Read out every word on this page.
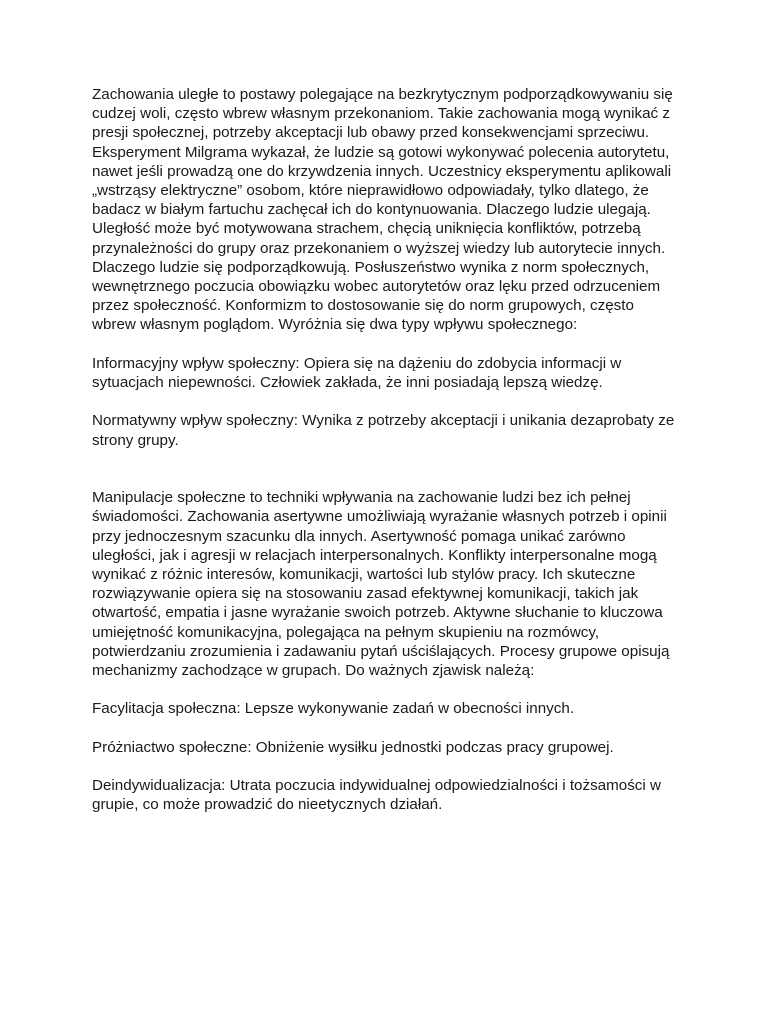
Zachowania uległe to postawy polegające na bezkrytycznym podporządkowywaniu się cudzej woli, często wbrew własnym przekonaniom. Takie zachowania mogą wynikać z presji społecznej, potrzeby akceptacji lub obawy przed konsekwencjami sprzeciwu. Eksperyment Milgrama wykazał, że ludzie są gotowi wykonywać polecenia autorytetu, nawet jeśli prowadzą one do krzywdzenia innych. Uczestnicy eksperymentu aplikowali „wstrząsy elektryczne” osobom, które nieprawidłowo odpowiadały, tylko dlatego, że badacz w białym fartuchu zachęcał ich do kontynuowania. Dlaczego ludzie ulegają. Uległość może być motywowana strachem, chęcią uniknięcia konfliktów, potrzebą przynależności do grupy oraz przekonaniem o wyższej wiedzy lub autorytecie innych. Dlaczego ludzie się podporządkowują. Posłuszeństwo wynika z norm społecznych, wewnętrznego poczucia obowiązku wobec autorytetów oraz lęku przed odrzuceniem przez społeczność. Konformizm to dostosowanie się do norm grupowych, często wbrew własnym poglądom. Wyróżnia się dwa typy wpływu społecznego:

Informacyjny wpływ społeczny: Opiera się na dążeniu do zdobycia informacji w sytuacjach niepewności. Człowiek zakłada, że inni posiadają lepszą wiedzę.

Normatywny wpływ społeczny: Wynika z potrzeby akceptacji i unikania dezaprobaty ze strony grupy.

Manipulacje społeczne to techniki wpływania na zachowanie ludzi bez ich pełnej świadomości. Zachowania asertywne umożliwiają wyrażanie własnych potrzeb i opinii przy jednoczesnym szacunku dla innych. Asertywność pomaga unikać zarówno uległości, jak i agresji w relacjach interpersonalnych. Konflikty interpersonalne mogą wynikać z różnic interesów, komunikacji, wartości lub stylów pracy. Ich skuteczne rozwiązywanie opiera się na stosowaniu zasad efektywnej komunikacji, takich jak otwartość, empatia i jasne wyrażanie swoich potrzeb. Aktywne słuchanie to kluczowa umiejętność komunikacyjna, polegająca na pełnym skupieniu na rozmówcy, potwierdzaniu zrozumienia i zadawaniu pytań uściślających. Procesy grupowe opisują mechanizmy zachodzące w grupach. Do ważnych zjawisk należą:

Facylitacja społeczna: Lepsze wykonywanie zadań w obecności innych.

Próżniactwo społeczne: Obniżenie wysiłku jednostki podczas pracy grupowej.

Deindywidualizacja: Utrata poczucia indywidualnej odpowiedzialności i tożsamości w grupie, co może prowadzić do nieetycznych działań.
